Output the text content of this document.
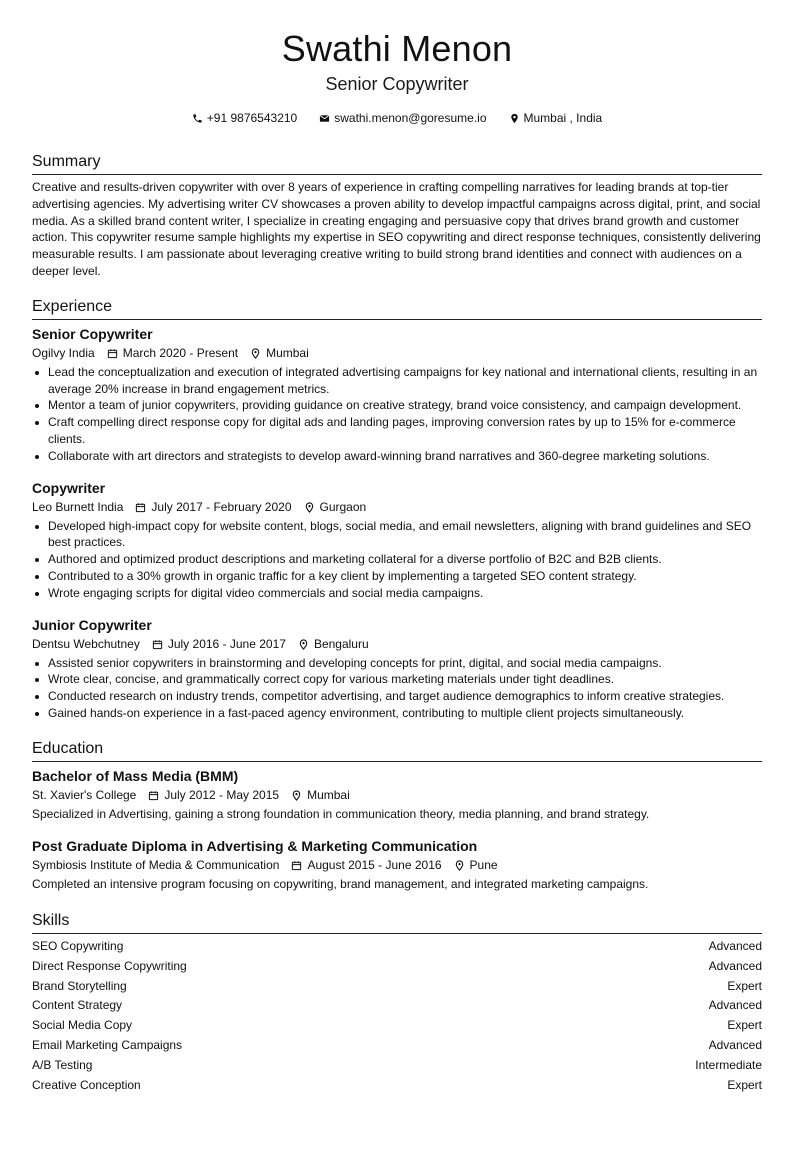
Swathi Menon
Senior Copywriter
+91 9876543210	swathi.menon@goresume.io	Mumbai , India
Summary
Creative and results-driven copywriter with over 8 years of experience in crafting compelling narratives for leading brands at top-tier advertising agencies. My advertising writer CV showcases a proven ability to develop impactful campaigns across digital, print, and social media. As a skilled brand content writer, I specialize in creating engaging and persuasive copy that drives brand growth and customer action. This copywriter resume sample highlights my expertise in SEO copywriting and direct response techniques, consistently delivering measurable results. I am passionate about leveraging creative writing to build strong brand identities and connect with audiences on a deeper level.
Experience
Senior Copywriter
Ogilvy India March 2020 - Present Mumbai
Lead the conceptualization and execution of integrated advertising campaigns for key national and international clients, resulting in an average 20% increase in brand engagement metrics.
Mentor a team of junior copywriters, providing guidance on creative strategy, brand voice consistency, and campaign development.
Craft compelling direct response copy for digital ads and landing pages, improving conversion rates by up to 15% for e-commerce clients.
Collaborate with art directors and strategists to develop award-winning brand narratives and 360-degree marketing solutions.
Copywriter
Leo Burnett India July 2017 - February 2020 Gurgaon
Developed high-impact copy for website content, blogs, social media, and email newsletters, aligning with brand guidelines and SEO best practices.
Authored and optimized product descriptions and marketing collateral for a diverse portfolio of B2C and B2B clients.
Contributed to a 30% growth in organic traffic for a key client by implementing a targeted SEO content strategy.
Wrote engaging scripts for digital video commercials and social media campaigns.
Junior Copywriter
Dentsu Webchutney July 2016 - June 2017 Bengaluru
Assisted senior copywriters in brainstorming and developing concepts for print, digital, and social media campaigns.
Wrote clear, concise, and grammatically correct copy for various marketing materials under tight deadlines.
Conducted research on industry trends, competitor advertising, and target audience demographics to inform creative strategies.
Gained hands-on experience in a fast-paced agency environment, contributing to multiple client projects simultaneously.
Education
Bachelor of Mass Media (BMM)
St. Xavier's College July 2012 - May 2015 Mumbai
Specialized in Advertising, gaining a strong foundation in communication theory, media planning, and brand strategy.
Post Graduate Diploma in Advertising & Marketing Communication
Symbiosis Institute of Media & Communication August 2015 - June 2016 Pune
Completed an intensive program focusing on copywriting, brand management, and integrated marketing campaigns.
Skills
SEO Copywriting	Advanced
Direct Response Copywriting	Advanced
Brand Storytelling	Expert
Content Strategy	Advanced
Social Media Copy	Expert
Email Marketing Campaigns	Advanced
A/B Testing	Intermediate
Creative Conception	Expert
